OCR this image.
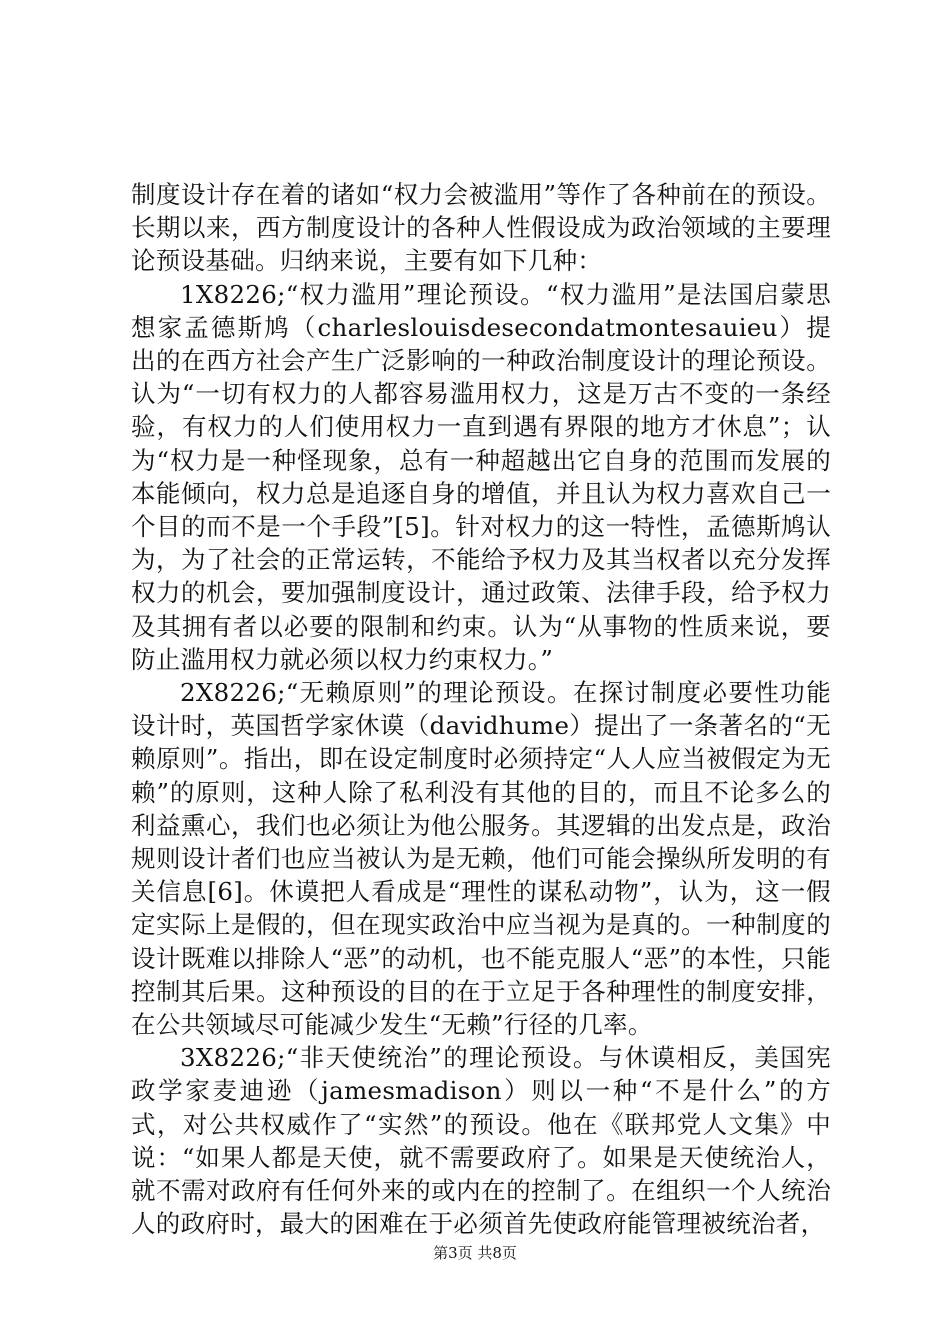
制度设计存在着的诸如“权力会被滥用”等作了各种前在的预设。长期以来，西方制度设计的各种人性假设成为政治领域的主要理论预设基础。归纳来说，主要有如下几种：

1X8226;“权力滥用”理论预设。“权力滥用”是法国启蒙思想家孟德斯鸠（charleslouisdesecondatmontesauieu）提出的在西方社会产生广泛影响的一种政治制度设计的理论预设。认为“一切有权力的人都容易滥用权力，这是万古不变的一条经验，有权力的人们使用权力一直到遇有界限的地方才休息”；认为“权力是一种怪现象，总有一种超越出它自身的范围而发展的本能倾向，权力总是追逐自身的增值，并且认为权力喜欢自己一个目的而不是一个手段”[5]。针对权力的这一特性，孟德斯鸠认为，为了社会的正常运转，不能给予权力及其当权者以充分发挥权力的机会，要加强制度设计，通过政策、法律手段，给予权力及其拥有者以必要的限制和约束。认为“从事物的性质来说，要防止滥用权力就必须以权力约束权力。”

2X8226;“无赖原则”的理论预设。在探讨制度必要性功能设计时，英国哲学家休谟（davidhume）提出了一条著名的“无赖原则”。指出，即在设定制度时必须持定“人人应当被假定为无赖”的原则，这种人除了私利没有其他的目的，而且不论多么的利益熏心，我们也必须让为他公服务。其逻辑的出发点是，政治规则设计者们也应当被认为是无赖，他们可能会操纵所发明的有关信息[6]。休谟把人看成是“理性的谋私动物”，认为，这一假定实际上是假的，但在现实政治中应当视为是真的。一种制度的设计既难以排除人“恶”的动机，也不能克服人“恶”的本性，只能控制其后果。这种预设的目的在于立足于各种理性的制度安排，在公共领域尽可能减少发生“无赖”行径的几率。

3X8226;“非天使统治”的理论预设。与休谟相反，美国宪政学家麦迪逊（jamesmadison）则以一种“不是什么”的方式，对公共权威作了“实然”的预设。他在《联邦党人文集》中说：“如果人都是天使，就不需要政府了。如果是天使统治人，就不需对政府有任何外来的或内在的控制了。在组织一个人统治人的政府时，最大的困难在于必须首先使政府能管理被统治者，

第3页 共8页
